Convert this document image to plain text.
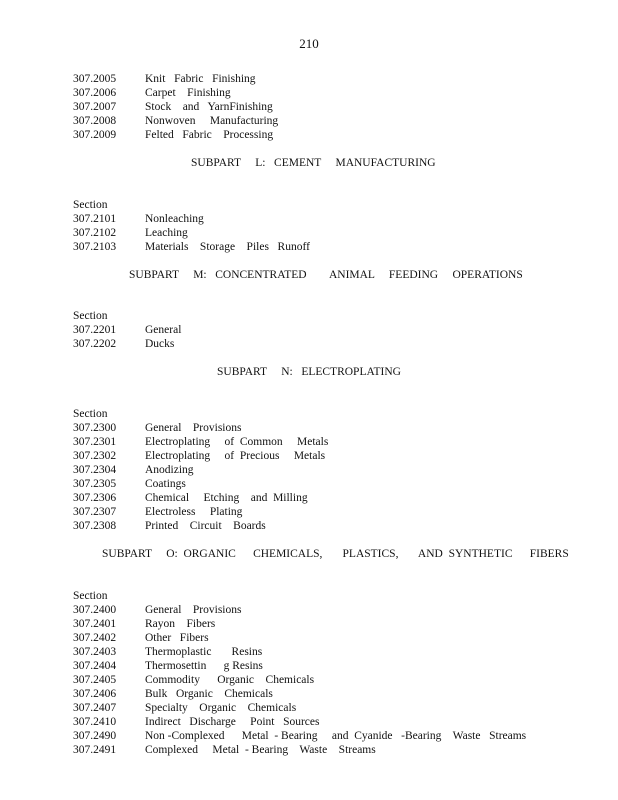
210
307.2005	Knit   Fabric   Finishing
307.2006	Carpet    Finishing
307.2007	Stock    and   YarnFinishing
307.2008	Nonwoven     Manufacturing
307.2009	Felted   Fabric    Processing
SUBPART     L:   CEMENT     MANUFACTURING
Section
307.2101	Nonleaching
307.2102	Leaching
307.2103	Materials    Storage    Piles   Runoff
SUBPART     M:   CONCENTRATED        ANIMAL     FEEDING     OPERATIONS
Section
307.2201	General
307.2202	Ducks
SUBPART     N:   ELECTROPLATING
Section
307.2300	General    Provisions
307.2301	Electroplating     of  Common     Metals
307.2302	Electroplating     of  Precious     Metals
307.2304	Anodizing
307.2305	Coatings
307.2306	Chemical     Etching    and  Milling
307.2307	Electroless     Plating
307.2308	Printed    Circuit    Boards
SUBPART     O:  ORGANIC      CHEMICALS,       PLASTICS,       AND  SYNTHETIC      FIBERS
Section
307.2400	General    Provisions
307.2401	Rayon    Fibers
307.2402	Other   Fibers
307.2403	Thermoplastic       Resins
307.2404	Thermosettin      g Resins
307.2405	Commodity      Organic    Chemicals
307.2406	Bulk   Organic    Chemicals
307.2407	Specialty    Organic    Chemicals
307.2410	Indirect   Discharge     Point   Sources
307.2490	Non -Complexed      Metal  - Bearing     and  Cyanide   -Bearing    Waste   Streams
307.2491	Complexed     Metal  - Bearing    Waste    Streams
